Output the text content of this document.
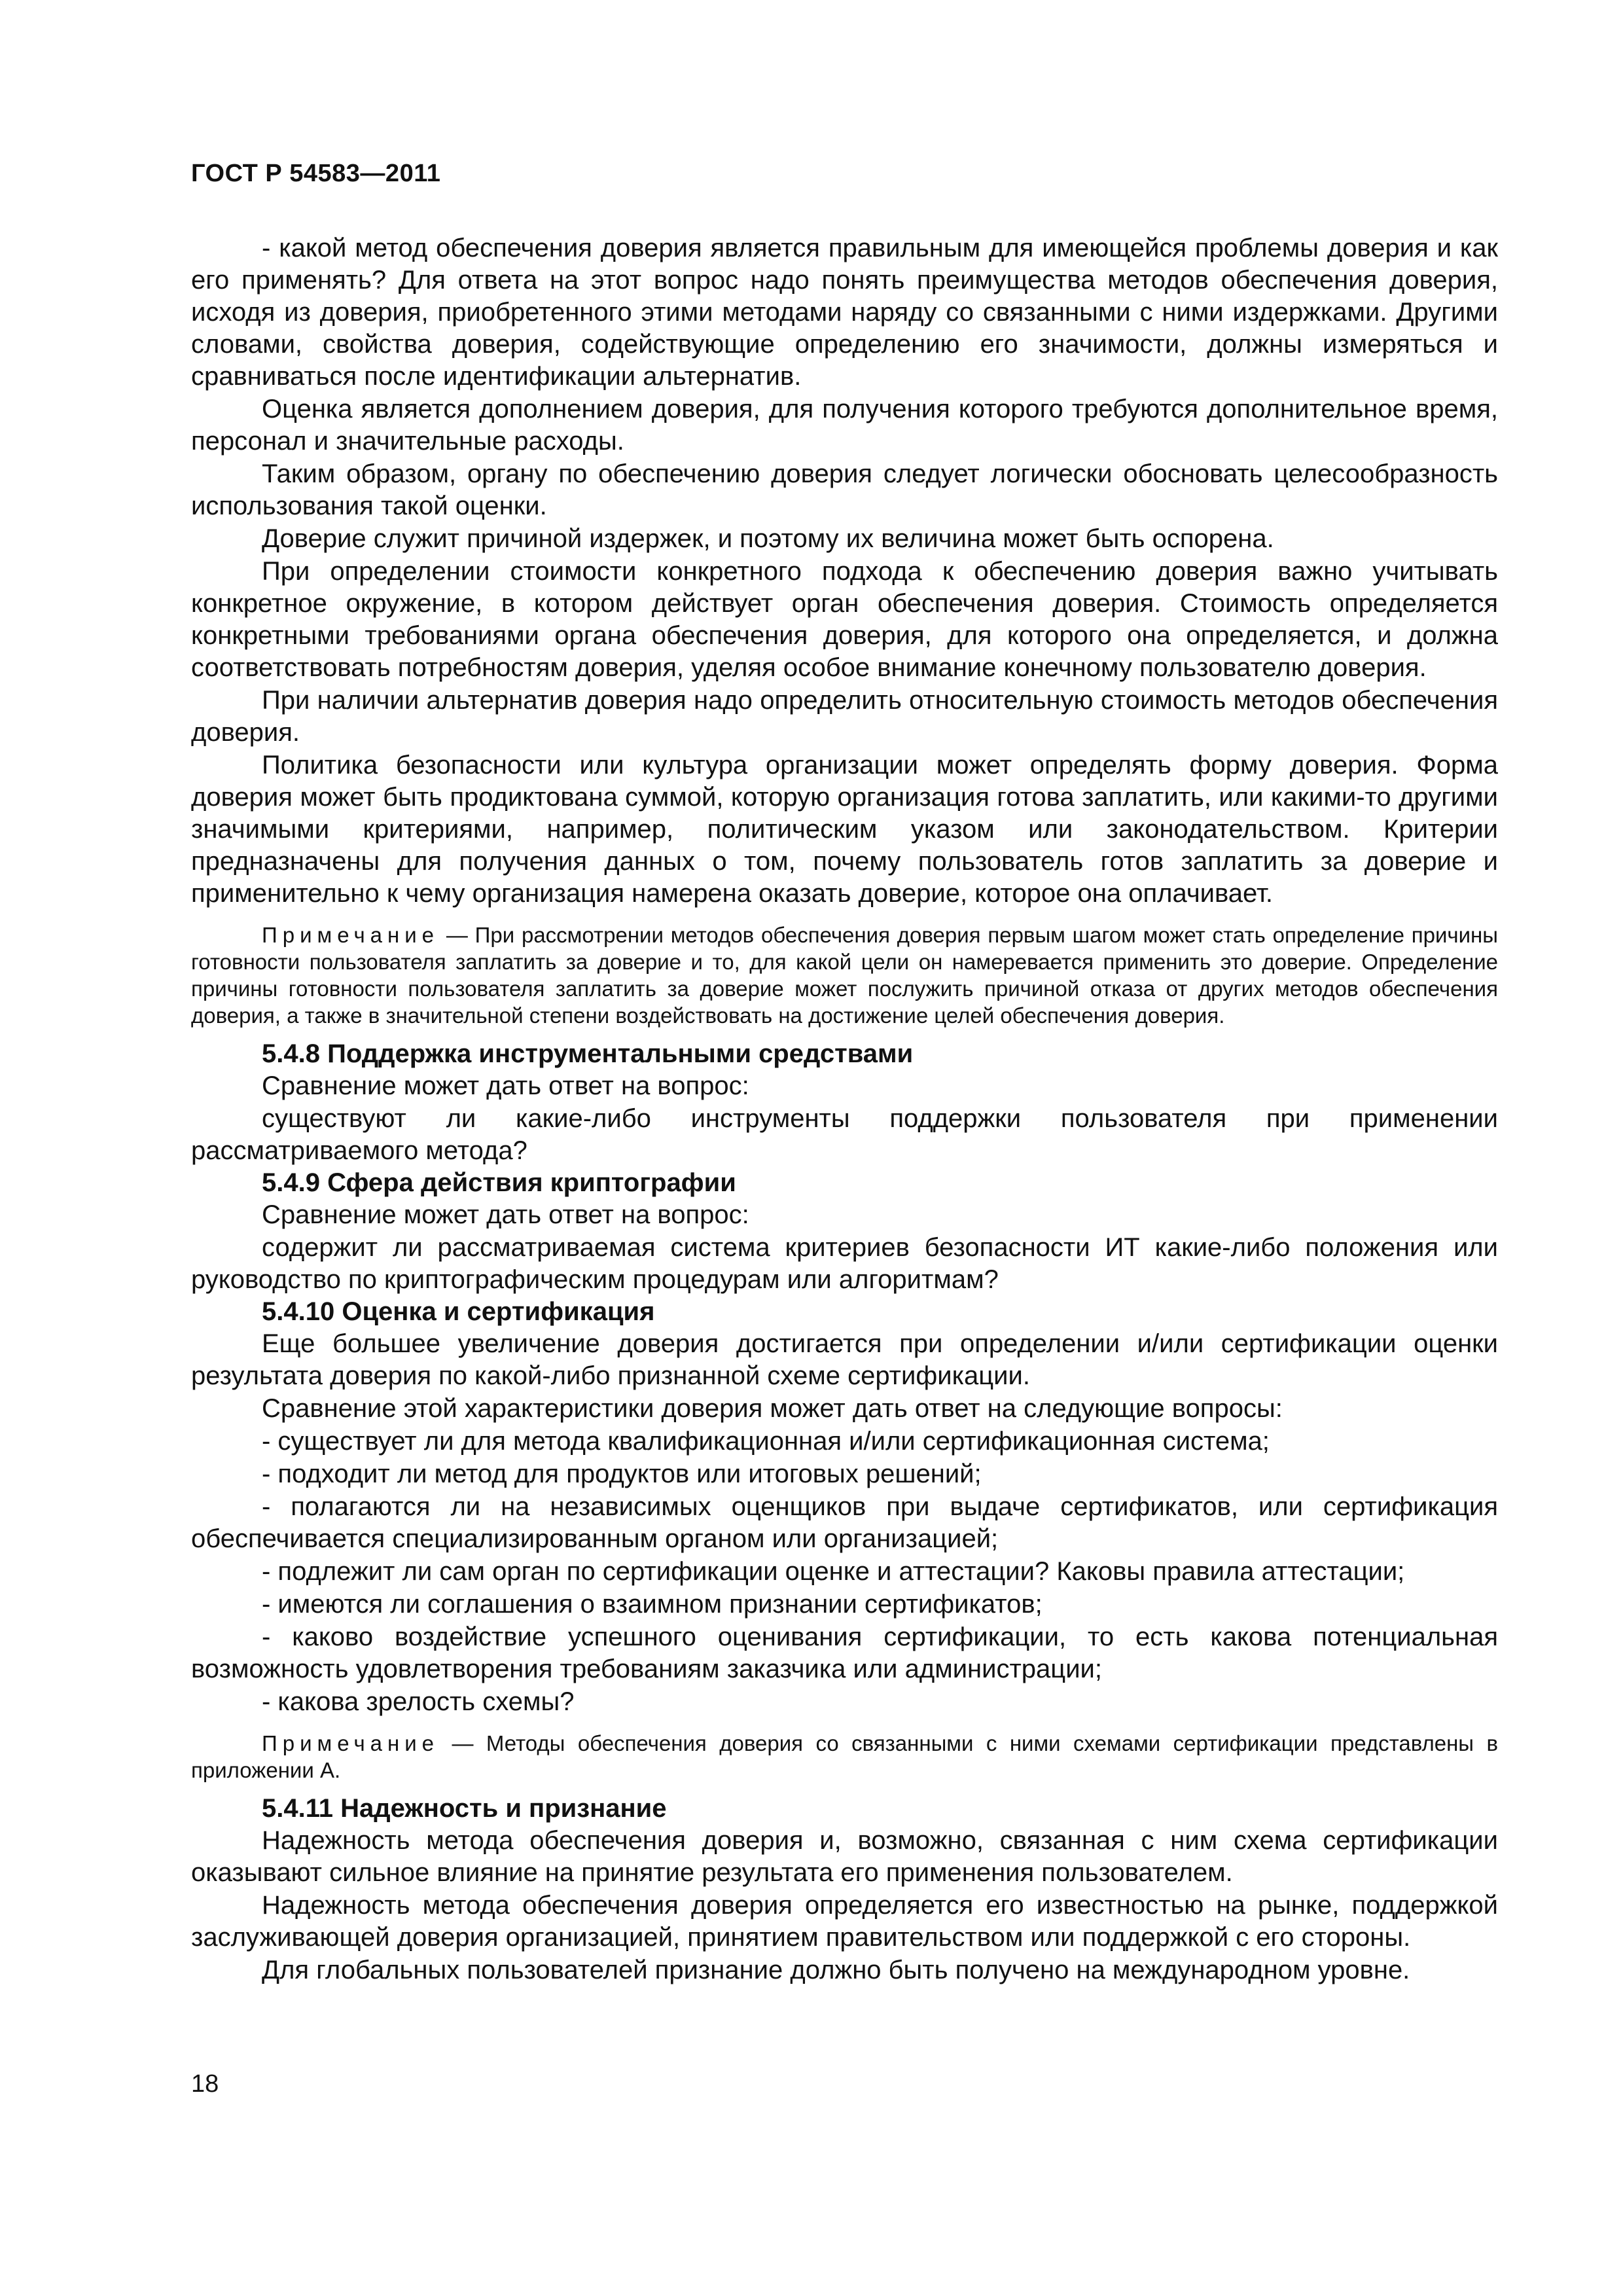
ГОСТ Р 54583—2011

- какой метод обеспечения доверия является правильным для имеющейся проблемы доверия и как его применять? Для ответа на этот вопрос надо понять преимущества методов обеспечения доверия, исходя из доверия, приобретенного этими методами наряду со связанными с ними издержками. Другими словами, свойства доверия, содействующие определению его значимости, должны измеряться и сравниваться после идентификации альтернатив.

Оценка является дополнением доверия, для получения которого требуются дополнительное время, персонал и значительные расходы.

Таким образом, органу по обеспечению доверия следует логически обосновать целесообразность использования такой оценки.

Доверие служит причиной издержек, и поэтому их величина может быть оспорена.

При определении стоимости конкретного подхода к обеспечению доверия важно учитывать конкретное окружение, в котором действует орган обеспечения доверия. Стоимость определяется конкретными требованиями органа обеспечения доверия, для которого она определяется, и должна соответствовать потребностям доверия, уделяя особое внимание конечному пользователю доверия.

При наличии альтернатив доверия надо определить относительную стоимость методов обеспечения доверия.

Политика безопасности или культура организации может определять форму доверия. Форма доверия может быть продиктована суммой, которую организация готова заплатить, или какими-то другими значимыми критериями, например, политическим указом или законодательством. Критерии предназначены для получения данных о том, почему пользователь готов заплатить за доверие и применительно к чему организация намерена оказать доверие, которое она оплачивает.

Примечание — При рассмотрении методов обеспечения доверия первым шагом может стать определение причины готовности пользователя заплатить за доверие и то, для какой цели он намеревается применить это доверие. Определение причины готовности пользователя заплатить за доверие может послужить причиной отказа от других методов обеспечения доверия, а также в значительной степени воздействовать на достижение целей обеспечения доверия.

5.4.8 Поддержка инструментальными средствами

Сравнение может дать ответ на вопрос:

существуют ли какие-либо инструменты поддержки пользователя при применении рассматриваемого метода?

5.4.9 Сфера действия криптографии

Сравнение может дать ответ на вопрос:

содержит ли рассматриваемая система критериев безопасности ИТ какие-либо положения или руководство по криптографическим процедурам или алгоритмам?

5.4.10 Оценка и сертификация

Еще большее увеличение доверия достигается при определении и/или сертификации оценки результата доверия по какой-либо признанной схеме сертификации.

Сравнение этой характеристики доверия может дать ответ на следующие вопросы:

- существует ли для метода квалификационная и/или сертификационная система;

- подходит ли метод для продуктов или итоговых решений;

- полагаются ли на независимых оценщиков при выдаче сертификатов, или сертификация обеспечивается специализированным органом или организацией;

- подлежит ли сам орган по сертификации оценке и аттестации? Каковы правила аттестации;

- имеются ли соглашения о взаимном признании сертификатов;

- каково воздействие успешного оценивания сертификации, то есть какова потенциальная возможность удовлетворения требованиям заказчика или администрации;

- какова зрелость схемы?

Примечание — Методы обеспечения доверия со связанными с ними схемами сертификации представлены в приложении А.

5.4.11 Надежность и признание

Надежность метода обеспечения доверия и, возможно, связанная с ним схема сертификации оказывают сильное влияние на принятие результата его применения пользователем.

Надежность метода обеспечения доверия определяется его известностью на рынке, поддержкой заслуживающей доверия организацией, принятием правительством или поддержкой с его стороны.

Для глобальных пользователей признание должно быть получено на международном уровне.

18
